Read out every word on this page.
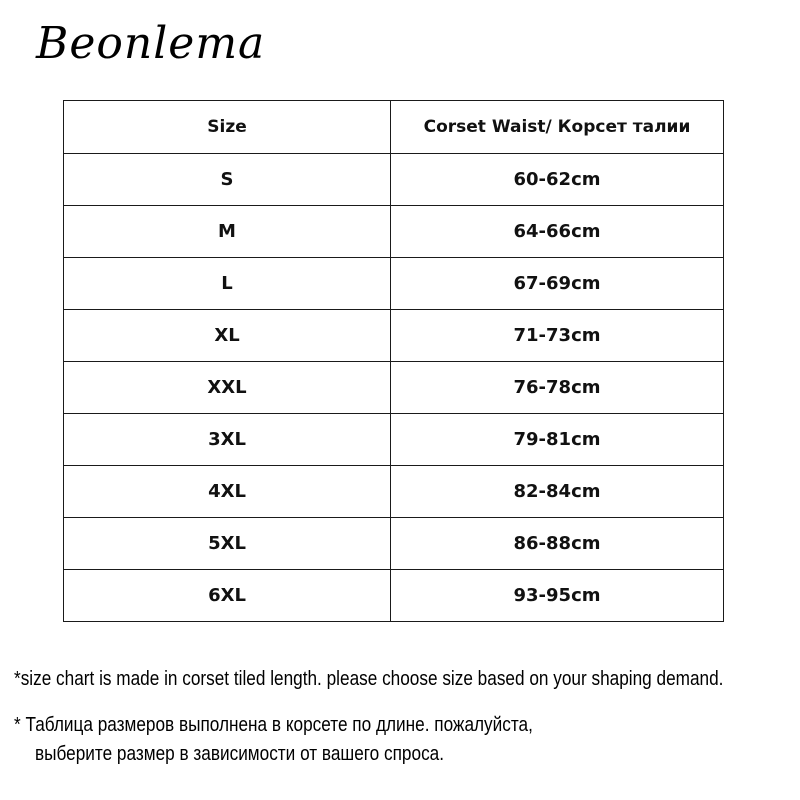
Beonlema
Size	Corset Waist/ Корсет талии
S	60-62cm
M	64-66cm
L	67-69cm
XL	71-73cm
XXL	76-78cm
3XL	79-81cm
4XL	82-84cm
5XL	86-88cm
6XL	93-95cm
*size chart is made in corset tiled length. please choose size based on your shaping demand.
* Таблица размеров выполнена в корсете по длине. пожалуйста,
выберите размер в зависимости от вашего спроса.
